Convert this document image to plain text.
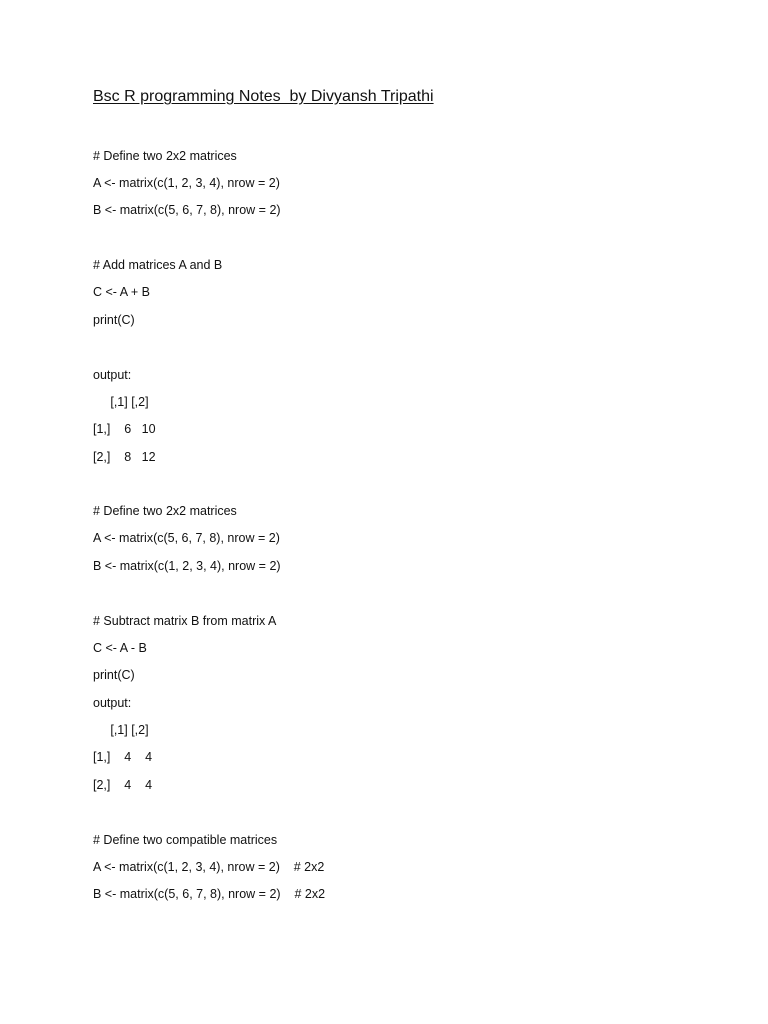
Bsc R programming Notes  by Divyansh Tripathi
# Define two 2x2 matrices
A <- matrix(c(1, 2, 3, 4), nrow = 2)
B <- matrix(c(5, 6, 7, 8), nrow = 2)
# Add matrices A and B
C <- A + B
print(C)
output:
[,1] [,2]
[1,]    6   10
[2,]    8   12
# Define two 2x2 matrices
A <- matrix(c(5, 6, 7, 8), nrow = 2)
B <- matrix(c(1, 2, 3, 4), nrow = 2)
# Subtract matrix B from matrix A
C <- A - B
print(C)
output:
[,1] [,2]
[1,]    4    4
[2,]    4    4
# Define two compatible matrices
A <- matrix(c(1, 2, 3, 4), nrow = 2)    # 2x2
B <- matrix(c(5, 6, 7, 8), nrow = 2)    # 2x2
